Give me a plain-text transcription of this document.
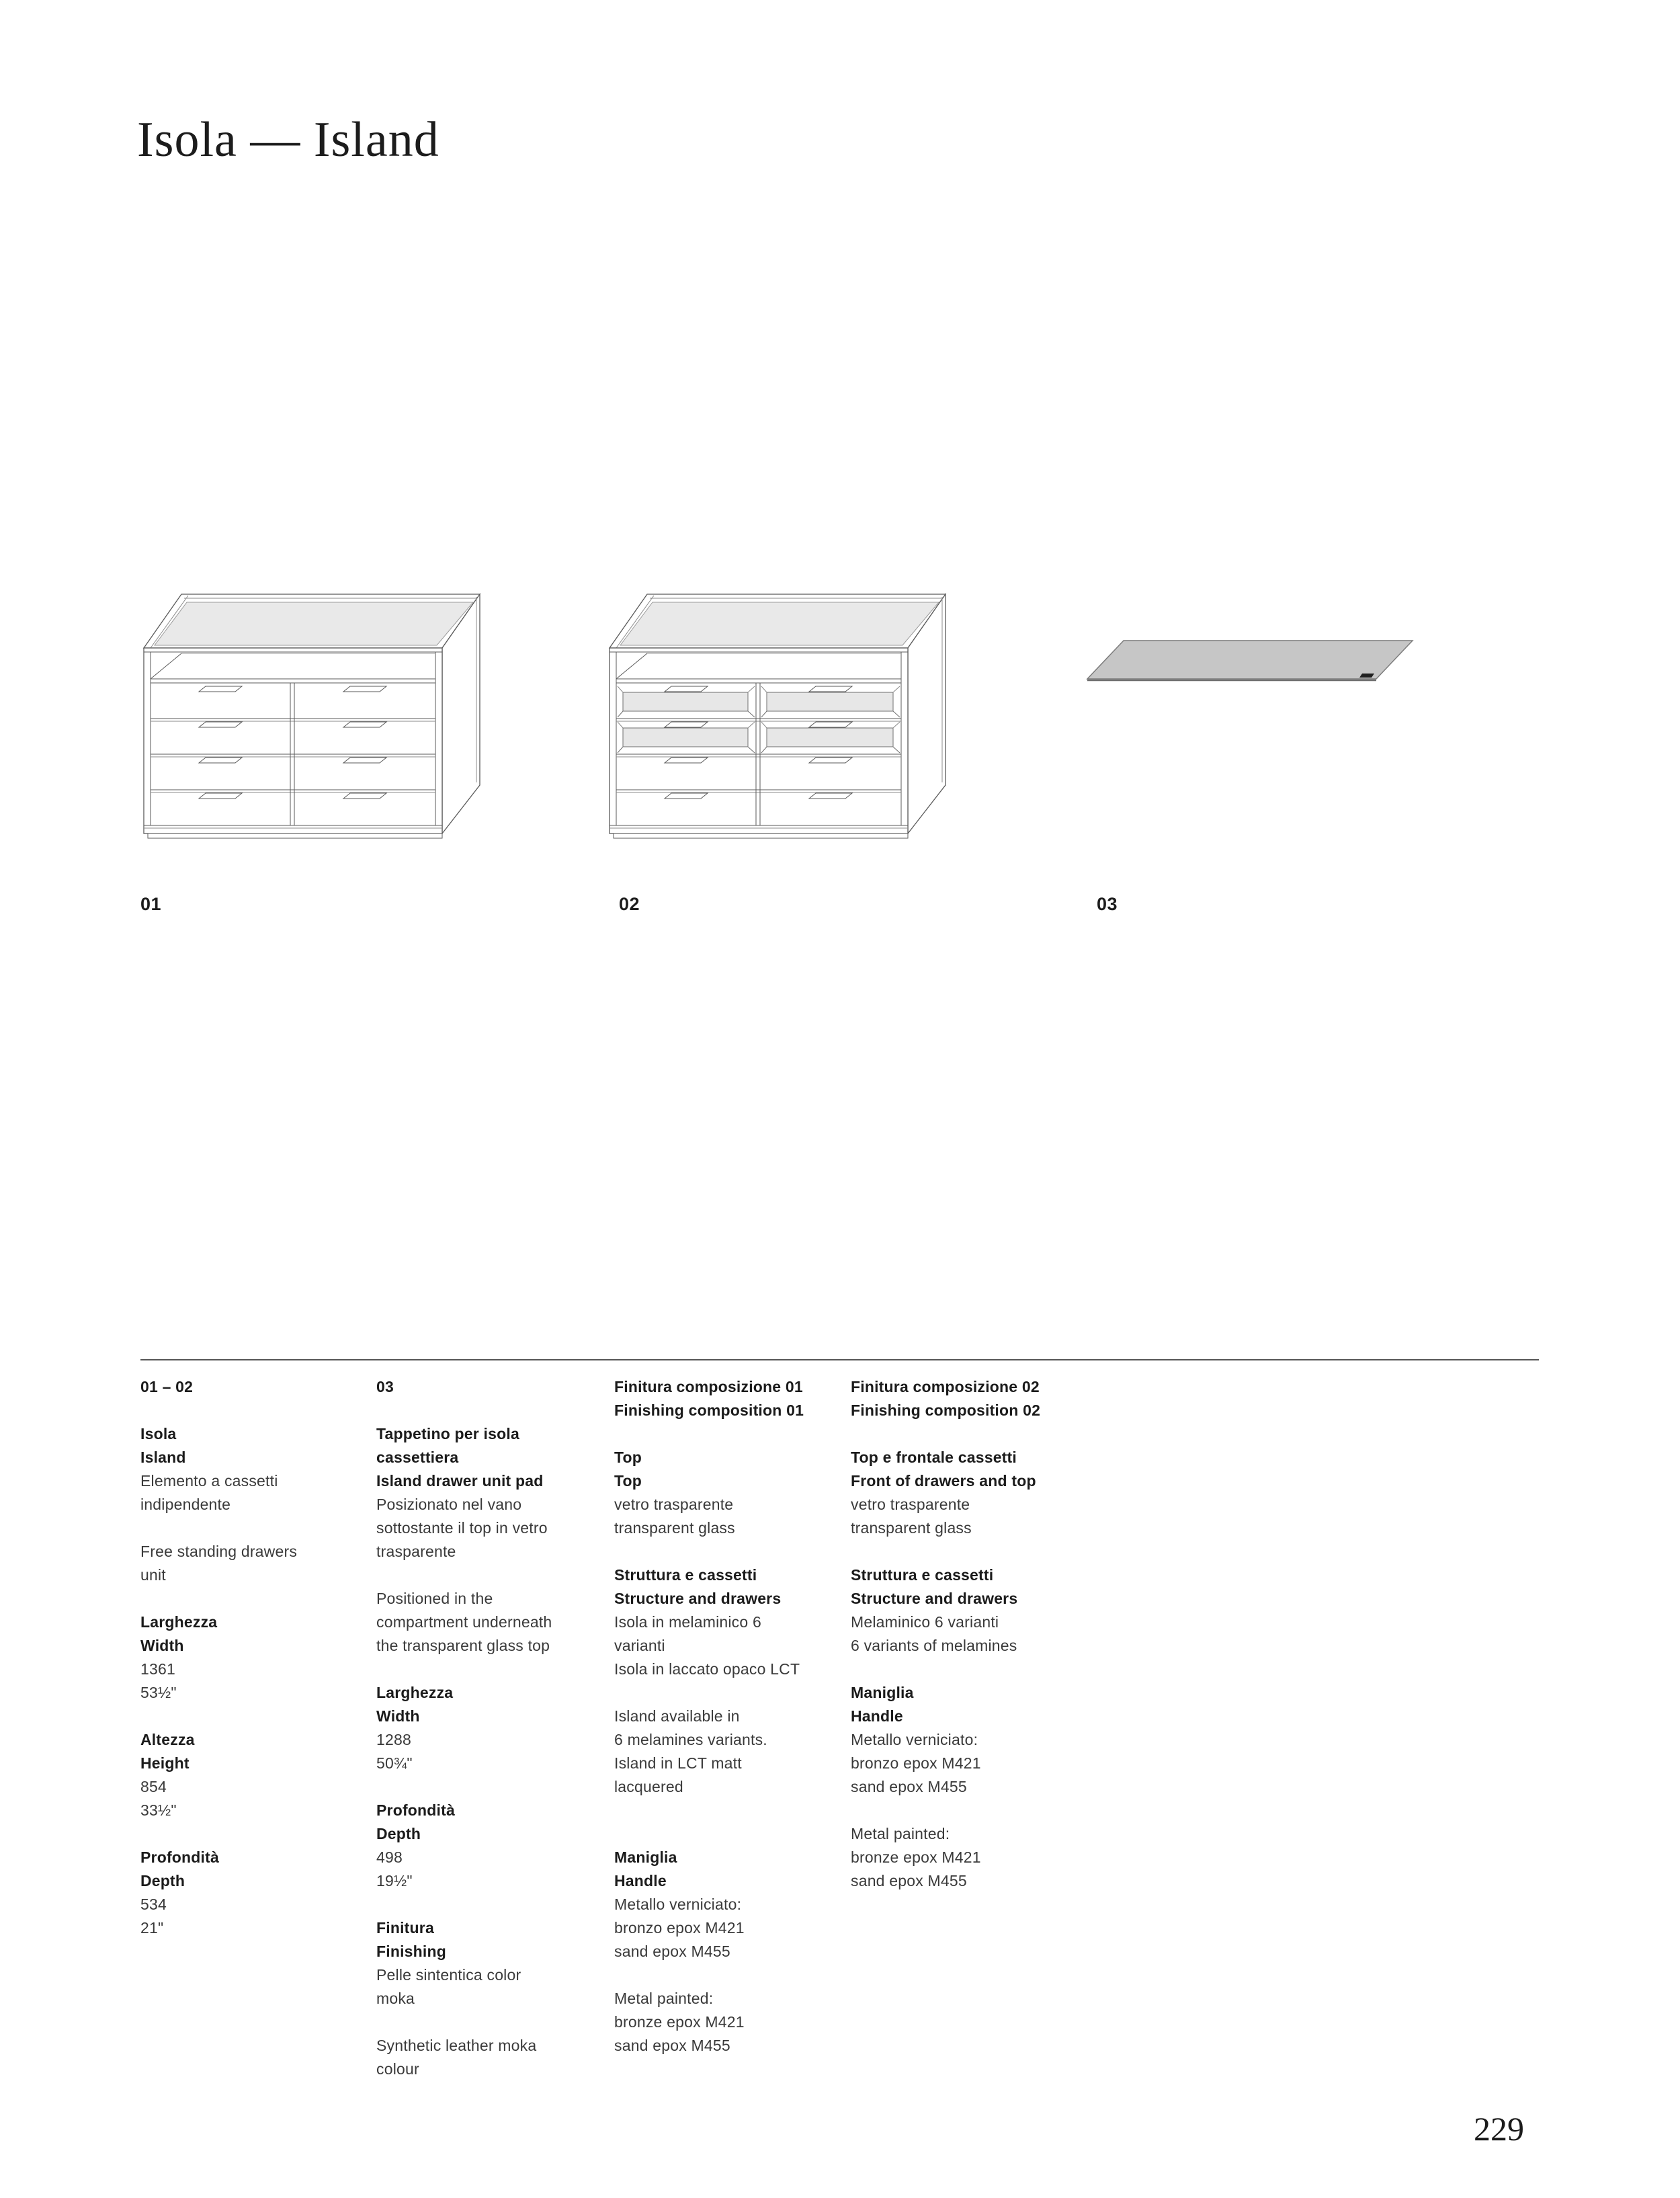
Isola — Island
01	02	03
01 – 02

Isola
Island
Elemento a cassetti
indipendente

Free standing drawers
unit

Larghezza
Width
1361
53½"

Altezza
Height
854
33½"

Profondità
Depth
534
21"
03

Tappetino per isola
cassettiera
Island drawer unit pad
Posizionato nel vano
sottostante il top in vetro
trasparente

Positioned in the
compartment underneath
the transparent glass top

Larghezza
Width
1288
50¾"

Profondità
Depth
498
19½"

Finitura
Finishing
Pelle sintentica color
moka

Synthetic leather moka
colour
Finitura composizione 01
Finishing composition 01

Top
Top
vetro trasparente
transparent glass

Struttura e cassetti
Structure and drawers
Isola in melaminico 6
varianti
Isola in laccato opaco LCT

Island available in
6 melamines variants.
Island in LCT matt
lacquered

Maniglia
Handle
Metallo verniciato:
bronzo epox M421
sand epox M455

Metal painted:
bronze epox M421
sand epox M455
Finitura composizione 02
Finishing composition 02

Top e frontale cassetti
Front of drawers and top
vetro trasparente
transparent glass

Struttura e cassetti
Structure and drawers
Melaminico 6 varianti
6 variants of melamines

Maniglia
Handle
Metallo verniciato:
bronzo epox M421
sand epox M455

Metal painted:
bronze epox M421
sand epox M455
229
